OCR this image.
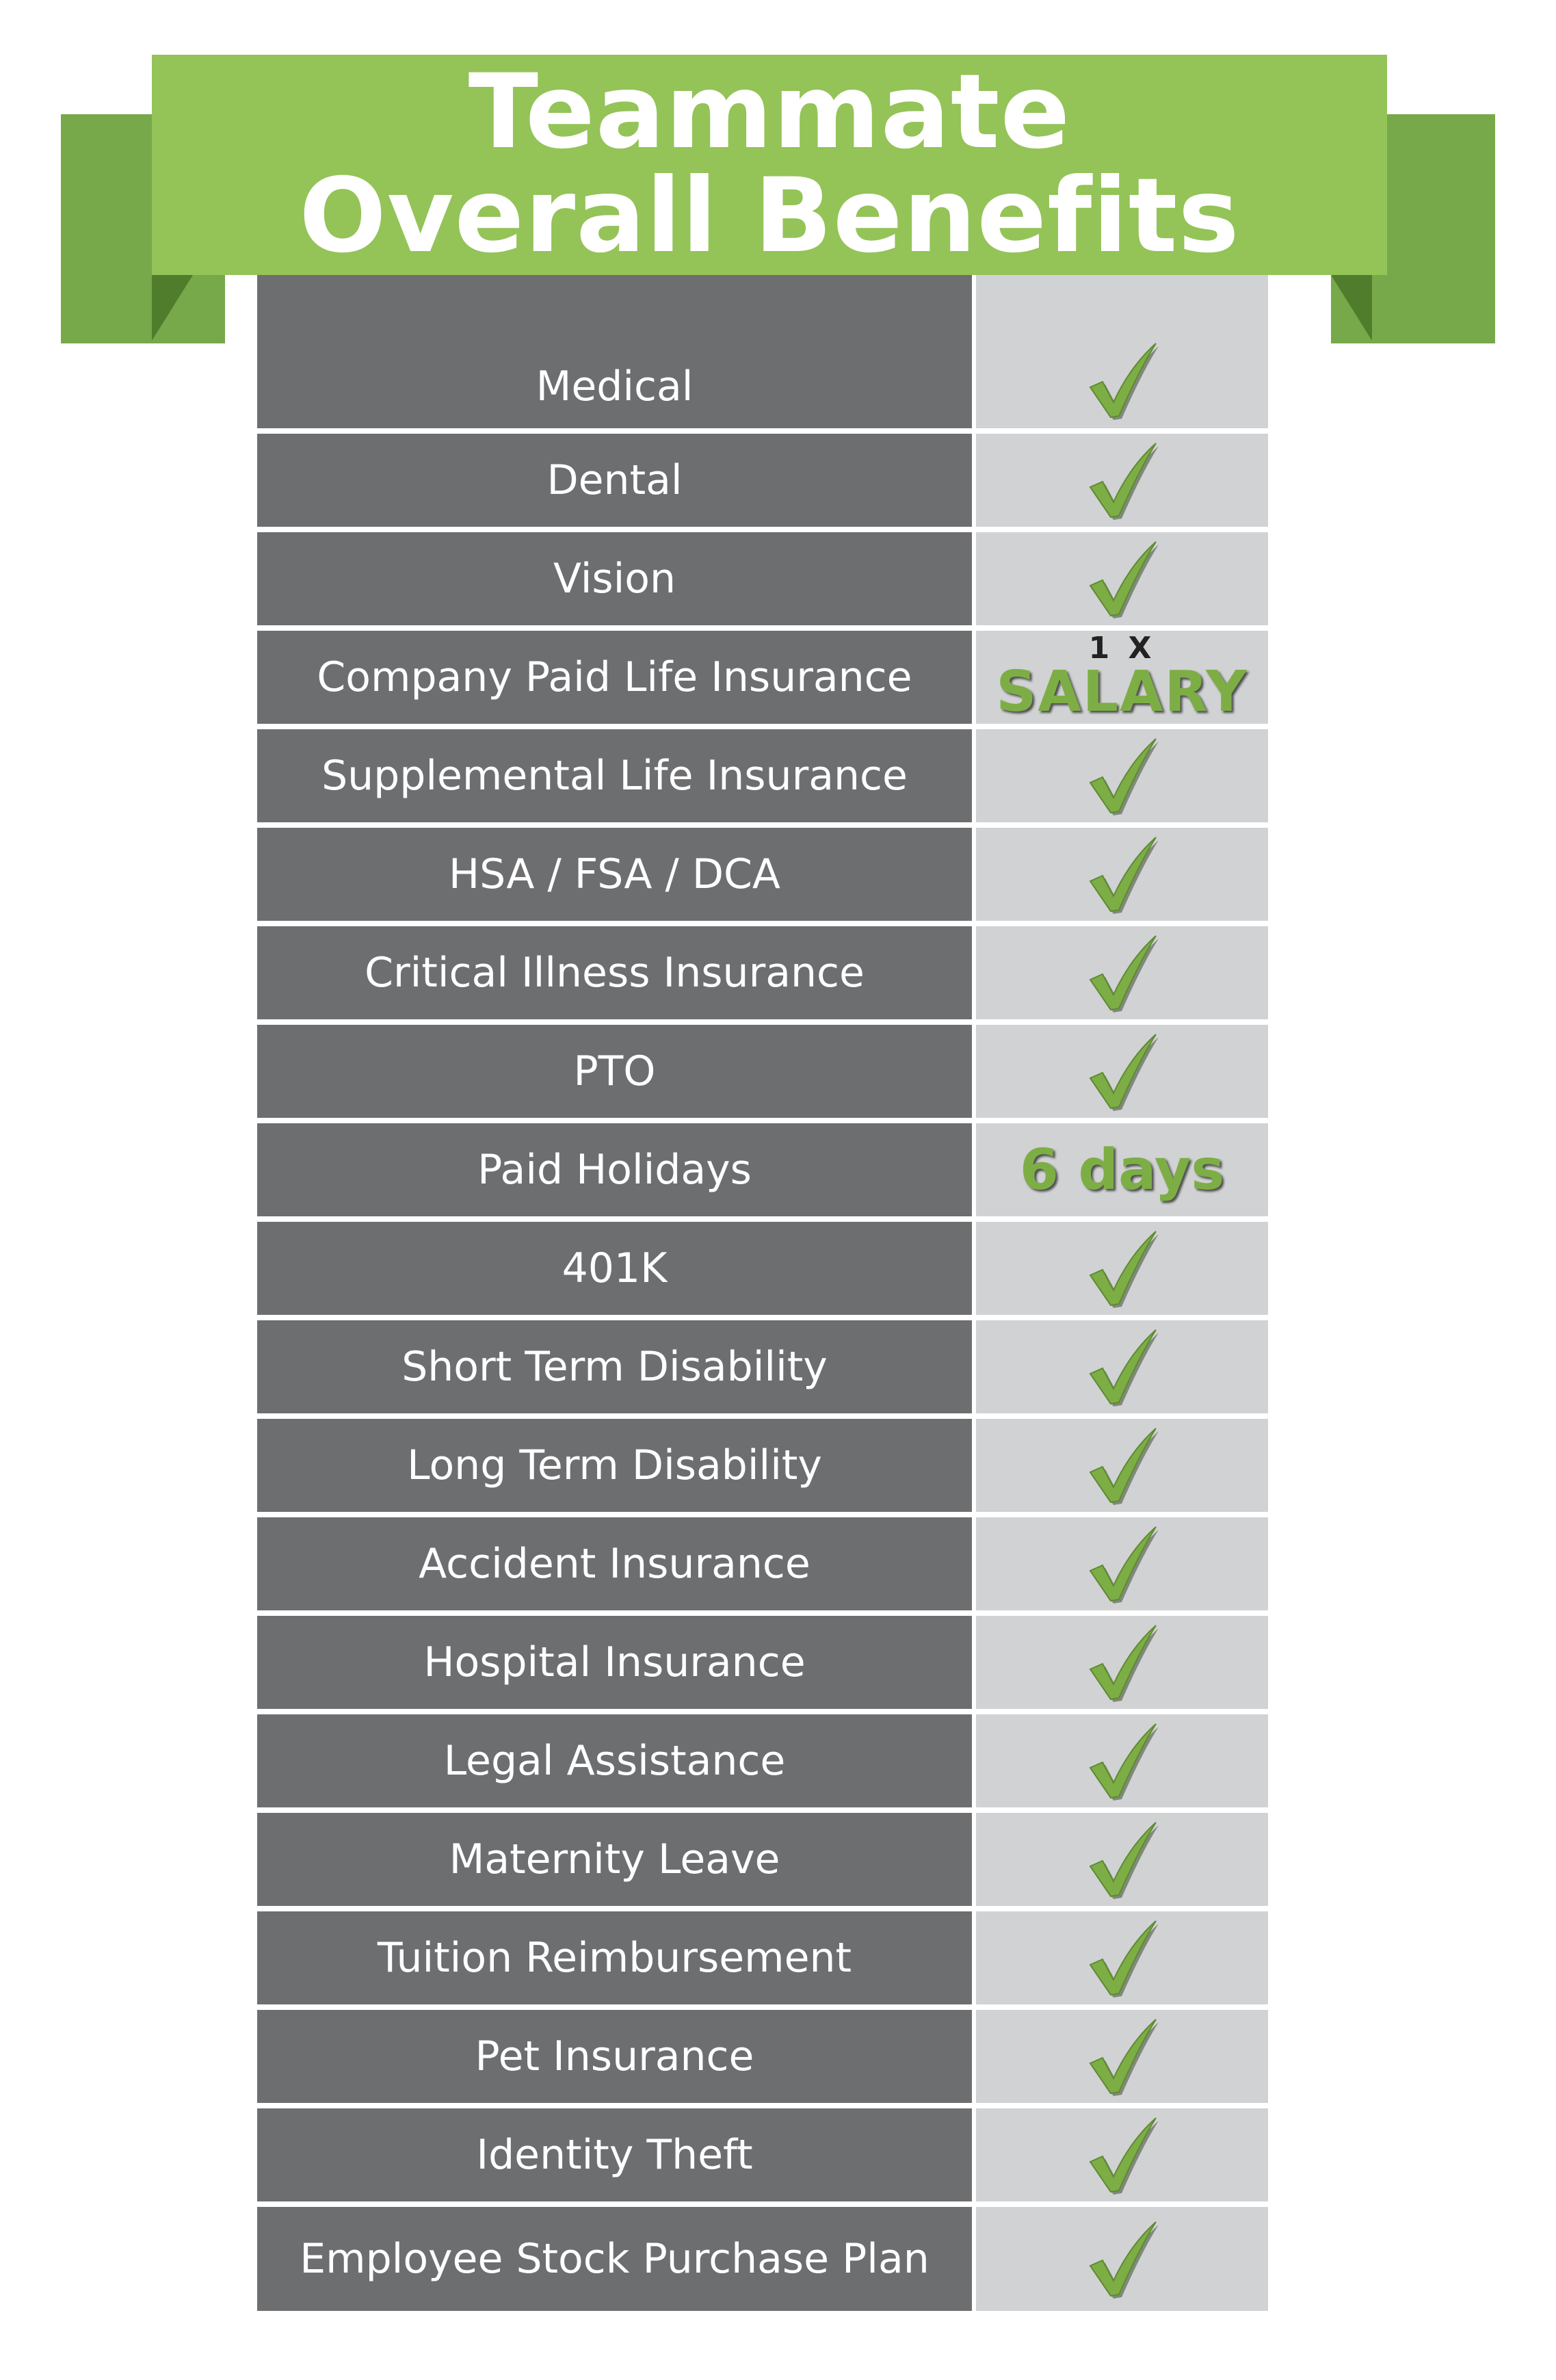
Teammate
Overall Benefits
Medical
Dental
Vision
Company Paid Life Insurance
1 X
SALARY
Supplemental Life Insurance
HSA / FSA / DCA
Critical Illness Insurance
PTO
Paid Holidays	6 days
401K
Short Term Disability
Long Term Disability
Accident Insurance
Hospital Insurance
Legal Assistance
Maternity Leave
Tuition Reimbursement
Pet Insurance
Identity Theft
Employee Stock Purchase Plan
